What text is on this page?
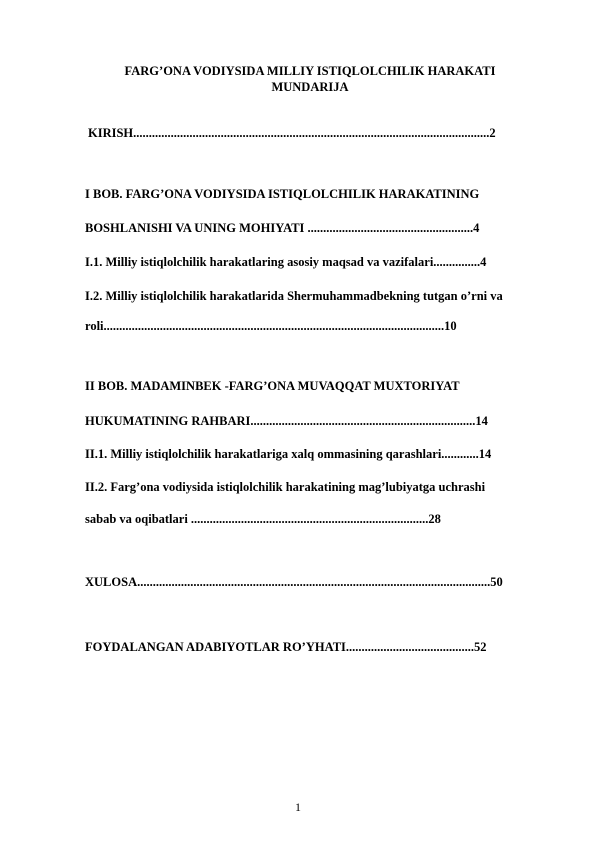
FARG’ONA VODIYSIDA MILLIY ISTIQLOLCHILIK HARAKATI
MUNDARIJA
KIRISH..................................................................................................................2
I BOB. FARG’ONA VODIYSIDA ISTIQLOLCHILIK HARAKATINING
BOSHLANISHI VA UNING MOHIYATI .....................................................4
I.1. Milliy istiqlolchilik harakatlaring asosiy maqsad va vazifalari...............4
I.2. Milliy istiqlolchilik harakatlarida Shermuhammadbekning tutgan o’rni va
roli.............................................................................................................10
II BOB. MADAMINBEK -FARG’ONA MUVAQQAT MUXTORIYAT
HUKUMATINING RAHBARI........................................................................14
II.1. Milliy istiqlolchilik harakatlariga xalq ommasining qarashlari............14
II.2. Farg’ona vodiysida istiqlolchilik harakatining mag’lubiyatga uchrashi
sabab va oqibatlari ............................................................................28
XULOSA.................................................................................................................50
FOYDALANGAN ADABIYOTLAR RO’YHATI.........................................52
1
